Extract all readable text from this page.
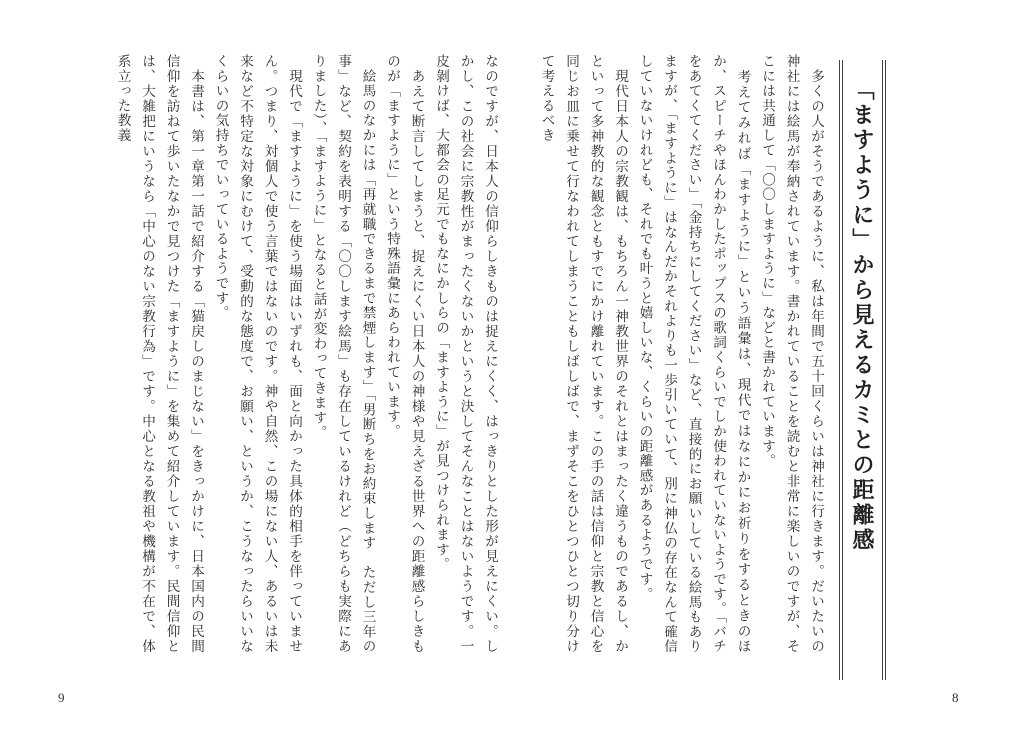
なのですが、日本人の信仰らしきものは捉えにくく、はっきりとした形が見えにくい。しかし、この社会に宗教性がまったくないかというと決してそんなことはないようです。一皮剝けば、大都会の足元でもなにかしらの「ますように」が見つけられます。
　あえて断言してしまうと、捉えにくい日本人の神様や見えざる世界への距離感らしきものが「ますように」という特殊語彙にあらわれています。
　絵馬のなかには「再就職できるまで禁煙します」「男断ちをお約束します　ただし三年の事」など、契約を表明する「〇〇します絵馬」も存在しているけれど（どちらも実際にありました）、「ますように」となると話が変わってきます。
　現代で「ますように」を使う場面はいずれも、面と向かった具体的相手を伴っていません。つまり、対個人で使う言葉ではないのです。神や自然、この場にない人、あるいは未来など不特定な対象にむけて、受動的な態度で、お願い、というか、こうなったらいいなくらいの気持ちでいっているようです。
　本書は、第一章第一話で紹介する「猫戻しのまじない」をきっかけに、日本国内の民間信仰を訪ねて歩いたなかで見つけた「ますように」を集めて紹介しています。民間信仰とは、大雑把にいうなら「中心のない宗教行為」です。中心となる教祖や機構が不在で、体系立った教義
9
「ますように」から見えるカミとの距離感
　多くの人がそうであるように、私は年間で五十回くらいは神社に行きます。だいたいの神社には絵馬が奉納されています。書かれていることを読むと非常に楽しいのですが、そこには共通して「〇〇しますように」などと書かれています。
　考えてみれば「ますように」という語彙は、現代ではなにかにお祈りをするときのほか、スピーチやほんわかしたポップスの歌詞くらいでしか使われていないようです。「バチをあてくてください」「金持ちにしてください」など、直接的にお願いしている絵馬もありますが、「ますように」はなんだかそれよりも一歩引いていて、別に神仏の存在なんて確信していないけれども、それでも叶うと嬉しいな、くらいの距離感があるようです。
　現代日本人の宗教観は、もちろん一神教世界のそれとはまったく違うものであるし、かといって多神教的な観念ともすでにかけ離れています。この手の話は信仰と宗教と信心を同じお皿に乗せて行なわれてしまうこともしばしばで、まずそこをひとつひとつ切り分けて考えるべき
8
